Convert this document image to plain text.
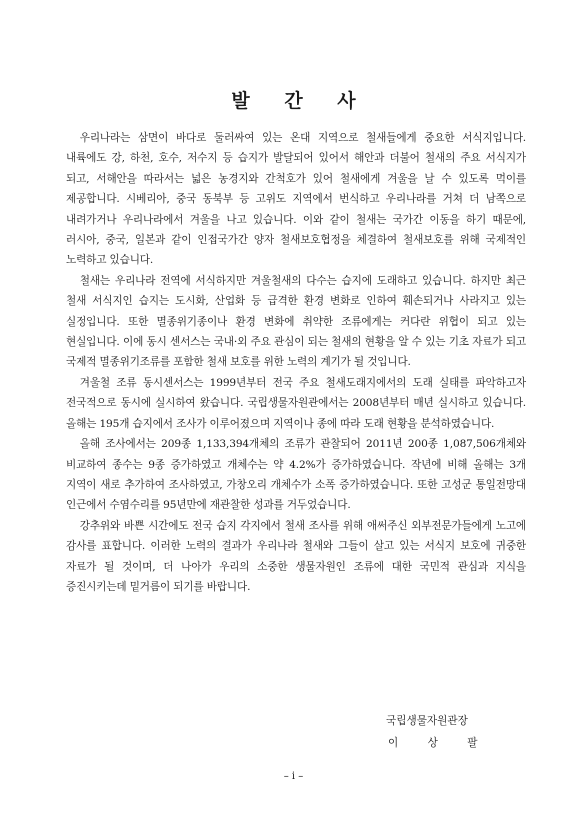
발 간 사

우리나라는 삼면이 바다로 둘러싸여 있는 온대 지역으로 철새들에게 중요한 서식지입니다. 내륙에도 강, 하천, 호수, 저수지 등 습지가 발달되어 있어서 해안과 더불어 철새의 주요 서식지가 되고, 서해안을 따라서는 넓은 농경지와 간척호가 있어 철새에게 겨울을 날 수 있도록 먹이를 제공합니다. 시베리아, 중국 동북부 등 고위도 지역에서 번식하고 우리나라를 거쳐 더 남쪽으로 내려가거나 우리나라에서 겨울을 나고 있습니다. 이와 같이 철새는 국가간 이동을 하기 때문에, 러시아, 중국, 일본과 같이 인접국가간 양자 철새보호협정을 체결하여 철새보호를 위해 국제적인 노력하고 있습니다.

철새는 우리나라 전역에 서식하지만 겨울철새의 다수는 습지에 도래하고 있습니다. 하지만 최근 철새 서식지인 습지는 도시화, 산업화 등 급격한 환경 변화로 인하여 훼손되거나 사라지고 있는 실정입니다. 또한 멸종위기종이나 환경 변화에 취약한 조류에게는 커다란 위협이 되고 있는 현실입니다. 이에 동시 센서스는 국내·외 주요 관심이 되는 철새의 현황을 알 수 있는 기초 자료가 되고 국제적 멸종위기조류를 포함한 철새 보호를 위한 노력의 계기가 될 것입니다.

겨울철 조류 동시센서스는 1999년부터 전국 주요 철새도래지에서의 도래 실태를 파악하고자 전국적으로 동시에 실시하여 왔습니다. 국립생물자원관에서는 2008년부터 매년 실시하고 있습니다. 올해는 195개 습지에서 조사가 이루어졌으며 지역이나 종에 따라 도래 현황을 분석하였습니다.

올해 조사에서는 209종 1,133,394개체의 조류가 관찰되어 2011년 200종 1,087,506개체와 비교하여 종수는 9종 증가하였고 개체수는 약 4.2%가 증가하였습니다. 작년에 비해 올해는 3개 지역이 새로 추가하여 조사하였고, 가창오리 개체수가 소폭 증가하였습니다. 또한 고성군 통일전망대 인근에서 수염수리를 95년만에 재관찰한 성과를 거두었습니다.

강추위와 바쁜 시간에도 전국 습지 각지에서 철새 조사를 위해 애써주신 외부전문가들에게 노고에 감사를 표합니다. 이러한 노력의 결과가 우리나라 철새와 그들이 살고 있는 서식지 보호에 귀중한 자료가 될 것이며, 더 나아가 우리의 소중한 생물자원인 조류에 대한 국민적 관심과 지식을 증진시키는데 밑거름이 되기를 바랍니다.

국립생물자원관장
이 상 팔
– i –
